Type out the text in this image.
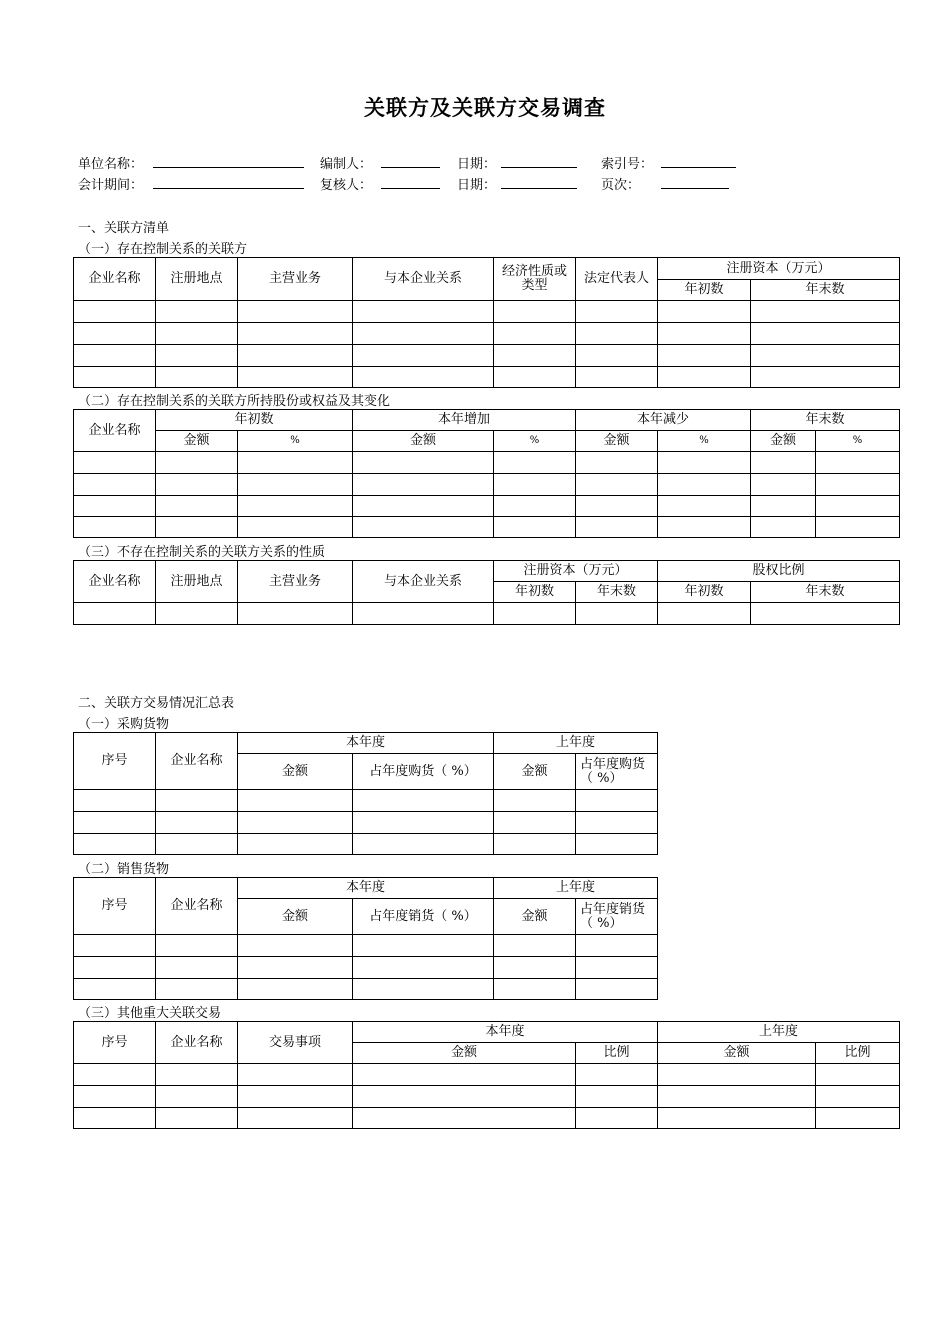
关联方及关联方交易调查
单位名称：	编制人：	日期：	索引号：
会计期间：	复核人：	日期：	页次：
一、关联方清单
（一）存在控制关系的关联方
企业名称	注册地点	主营业务	与本企业关系	经济性质或类型	法定代表人	注册资本（万元）	
						年初数	年末数

（二）存在控制关系的关联方所持股份或权益及其变化
企业名称	年初数		本年增加		本年减少		年末数	
	金额	%	金额	%	金额	%	金额	%

（三）不存在控制关系的关联方关系的性质
企业名称	注册地点	主营业务	与本企业关系	注册资本（万元）		股权比例	
				年初数	年末数	年初数	年末数

二、关联方交易情况汇总表
（一）采购货物
序号	企业名称	本年度		上年度	
		金额	占年度购货（ %）	金额	占年度购货（ %）

（二）销售货物
序号	企业名称	本年度		上年度	
		金额	占年度销货（ %）	金额	占年度销货（ %）

（三）其他重大关联交易
序号	企业名称	交易事项	本年度		上年度	
			金额	比例	金额	比例
